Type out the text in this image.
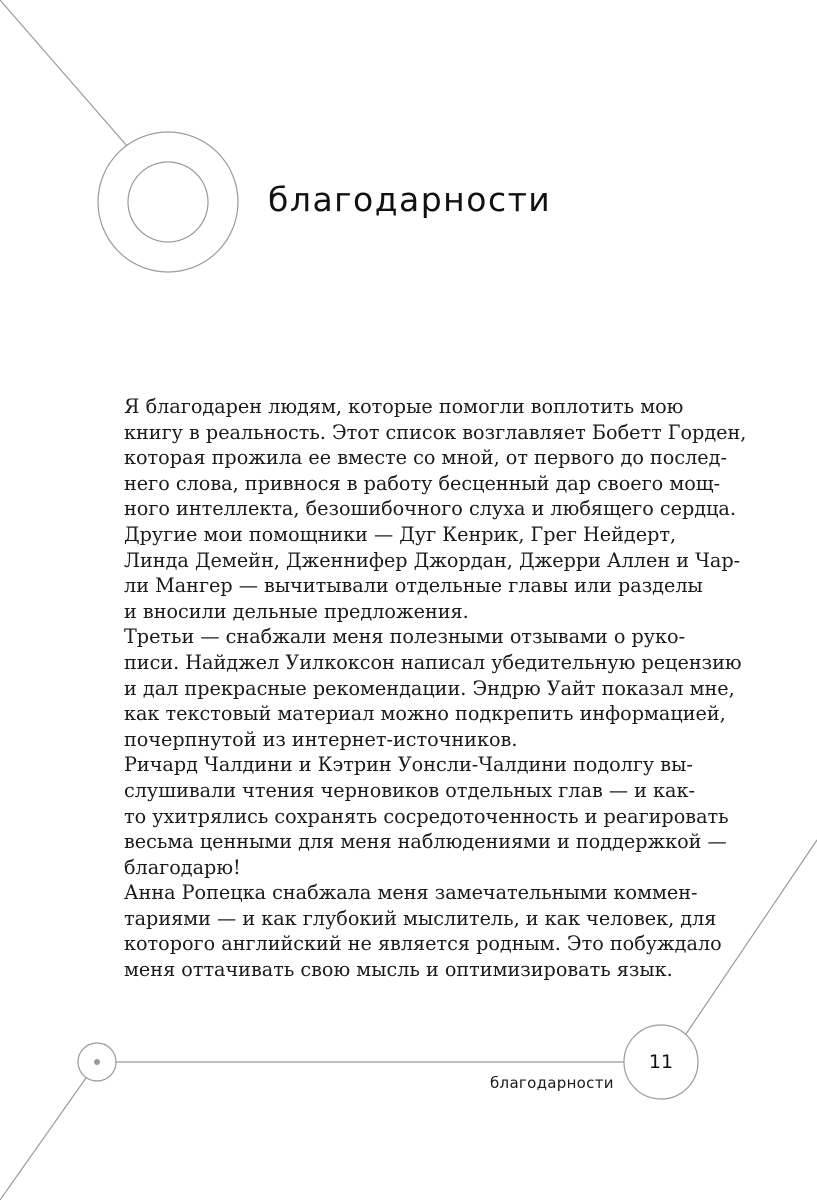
благодарности

Я благодарен людям, которые помогли воплотить мою
книгу в реальность. Этот список возглавляет Бобетт Горден,
которая прожила ее вместе со мной, от первого до послед-
него слова, привнося в работу бесценный дар своего мощ-
ного интеллекта, безошибочного слуха и любящего сердца.

Другие мои помощники — Дуг Кенрик, Грег Нейдерт,
Линда Демейн, Дженнифер Джордан, Джерри Аллен и Чар-
ли Мангер — вычитывали отдельные главы или разделы
и вносили дельные предложения.

Третьи — снабжали меня полезными отзывами о руко-
писи. Найджел Уилкоксон написал убедительную рецензию
и дал прекрасные рекомендации. Эндрю Уайт показал мне,
как текстовый материал можно подкрепить информацией,
почерпнутой из интернет-источников.

Ричард Чалдини и Кэтрин Уонсли-Чалдини подолгу вы-
слушивали чтения черновиков отдельных глав — и как-
то ухитрялись сохранять сосредоточенность и реагировать
весьма ценными для меня наблюдениями и поддержкой —
благодарю!

Анна Ропецка снабжала меня замечательными коммен-
тариями — и как глубокий мыслитель, и как человек, для
которого английский не является родным. Это побуждало
меня оттачивать свою мысль и оптимизировать язык.

11
благодарности
